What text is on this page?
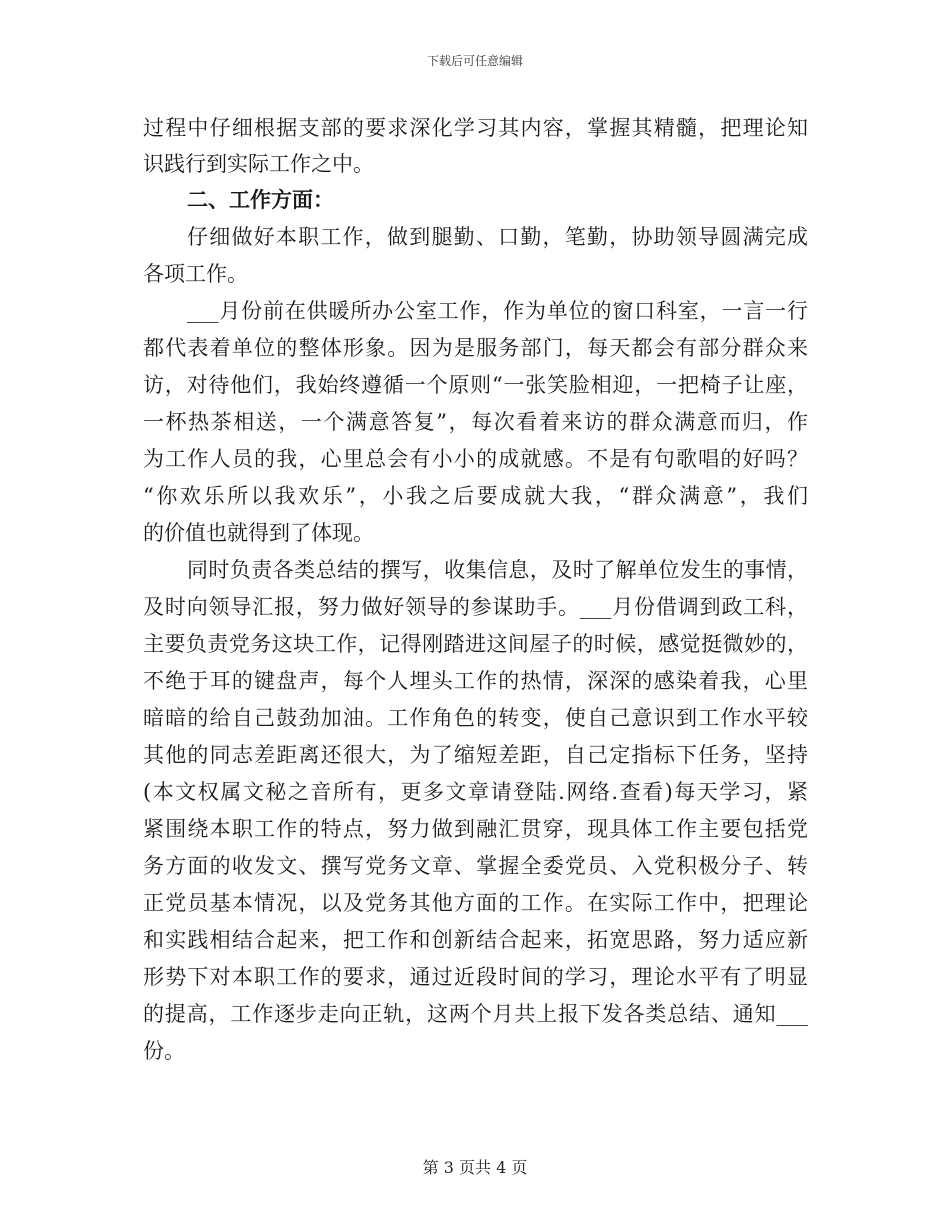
下载后可任意编辑
过程中仔细根据支部的要求深化学习其内容，掌握其精髓，把理论知
识践行到实际工作之中。
二、工作方面：
仔细做好本职工作，做到腿勤、口勤，笔勤，协助领导圆满完成
各项工作。
___月份前在供暖所办公室工作，作为单位的窗口科室，一言一行
都代表着单位的整体形象。因为是服务部门，每天都会有部分群众来
访，对待他们，我始终遵循一个原则“一张笑脸相迎，一把椅子让座，
一杯热茶相送，一个满意答复”，每次看着来访的群众满意而归，作
为工作人员的我，心里总会有小小的成就感。不是有句歌唱的好吗？
“你欢乐所以我欢乐”，小我之后要成就大我，“群众满意”，我们
的价值也就得到了体现。
同时负责各类总结的撰写，收集信息，及时了解单位发生的事情，
及时向领导汇报，努力做好领导的参谋助手。___月份借调到政工科，
主要负责党务这块工作，记得刚踏进这间屋子的时候，感觉挺微妙的，
不绝于耳的键盘声，每个人埋头工作的热情，深深的感染着我，心里
暗暗的给自己鼓劲加油。工作角色的转变，使自己意识到工作水平较
其他的同志差距离还很大，为了缩短差距，自己定指标下任务，坚持
(本文权属文秘之音所有，更多文章请登陆.网络.查看)每天学习，紧
紧围绕本职工作的特点，努力做到融汇贯穿，现具体工作主要包括党
务方面的收发文、撰写党务文章、掌握全委党员、入党积极分子、转
正党员基本情况，以及党务其他方面的工作。在实际工作中，把理论
和实践相结合起来，把工作和创新结合起来，拓宽思路，努力适应新
形势下对本职工作的要求，通过近段时间的学习，理论水平有了明显
的提高，工作逐步走向正轨，这两个月共上报下发各类总结、通知___
份。
第 3 页共 4 页
